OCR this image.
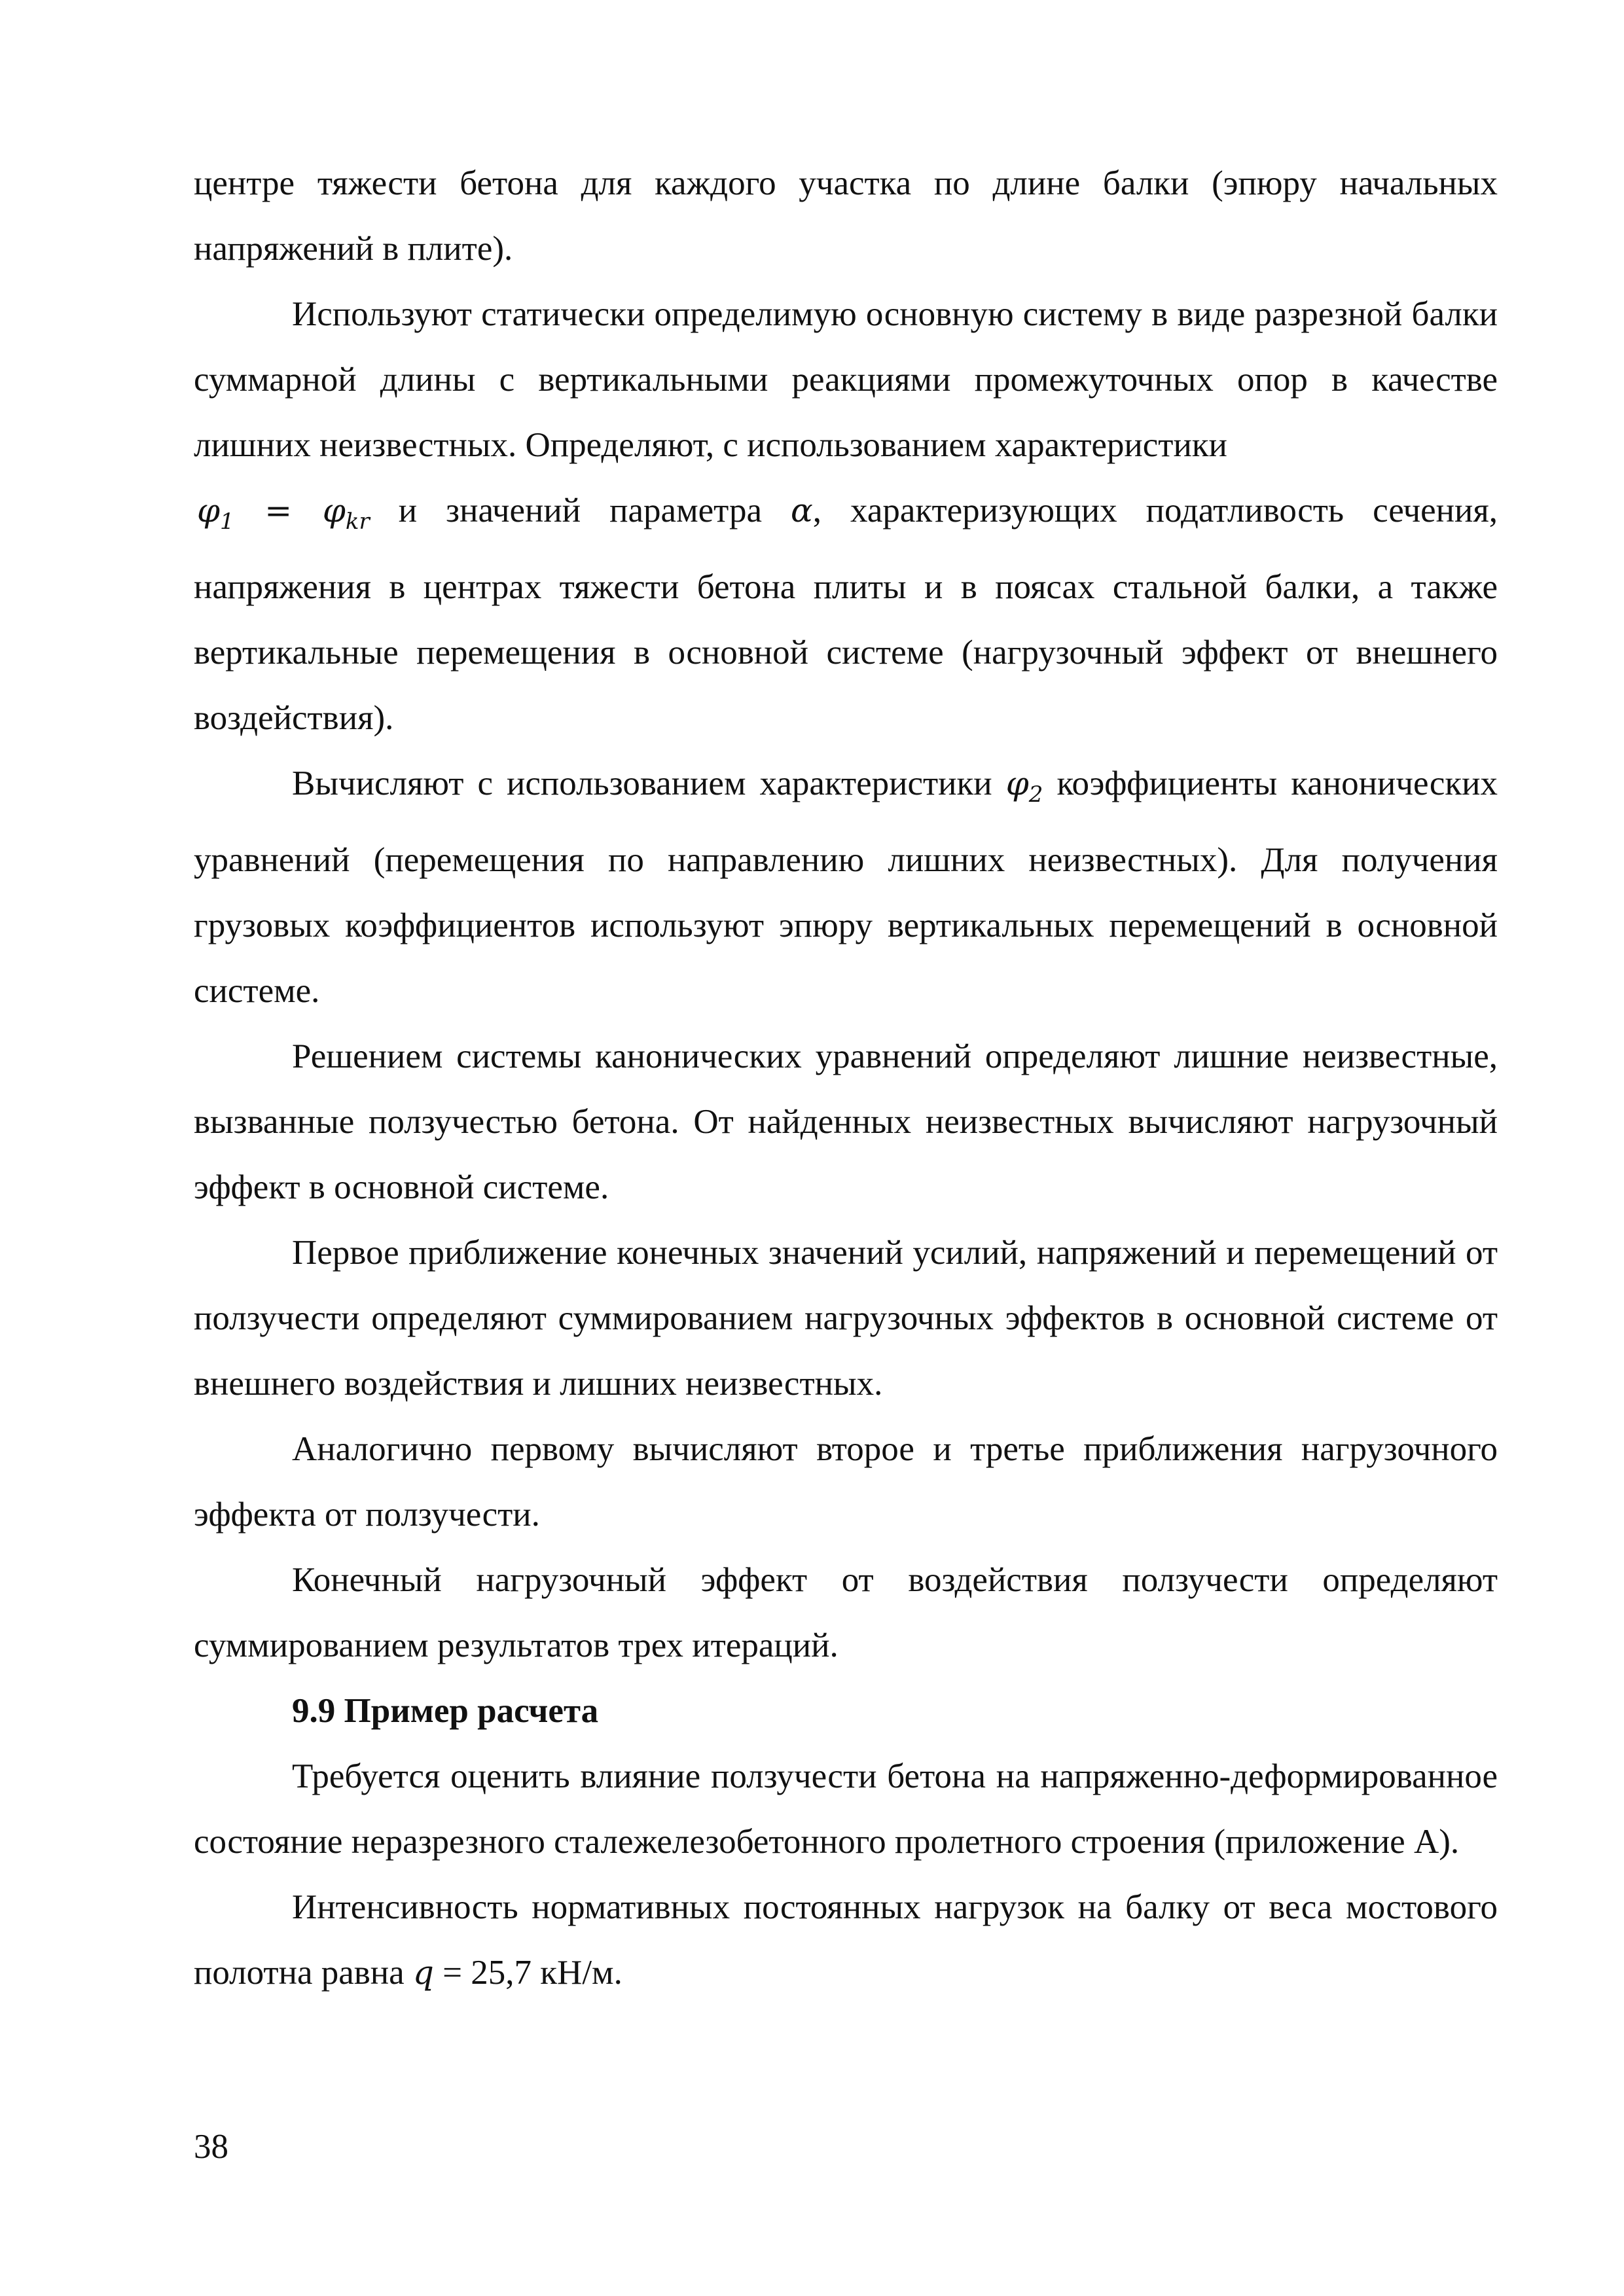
центре тяжести бетона для каждого участка по длине балки (эпюру начальных напряжений в плите).

Используют статически определимую основную систему в виде разрезной балки суммарной длины с вертикальными реакциями промежуточных опор в качестве лишних неизвестных. Определяют, с использованием характеристики

 $\varphi_1 = \varphi_{kr}$ и значений параметра α, характеризующих податливость сечения, напряжения в центрах тяжести бетона плиты и в поясах стальной балки, а также вертикальные перемещения в основной системе (нагрузочный эффект от внешнего воздействия).

Вычисляют с использованием характеристики $\varphi_2$ коэффициенты канонических уравнений (перемещения по направлению лишних неизвестных). Для получения грузовых коэффициентов используют эпюру вертикальных перемещений в основной системе.

Решением системы канонических уравнений определяют лишние неизвестные, вызванные ползучестью бетона. От найденных неизвестных вычисляют нагрузочный эффект в основной системе.

Первое приближение конечных значений усилий, напряжений и перемещений от ползучести определяют суммированием нагрузочных эффектов в основной системе от внешнего воздействия и лишних неизвестных.

Аналогично первому вычисляют второе и третье приближения нагрузочного эффекта от ползучести.

Конечный нагрузочный эффект от воздействия ползучести определяют суммированием результатов трех итераций.

9.9 Пример расчета

Требуется оценить влияние ползучести бетона на напряженно-деформированное состояние неразрезного сталежелезобетонного пролетного строения (приложение А).

Интенсивность нормативных постоянных нагрузок на балку от веса мостового полотна равна q = 25,7 кН/м.

38
